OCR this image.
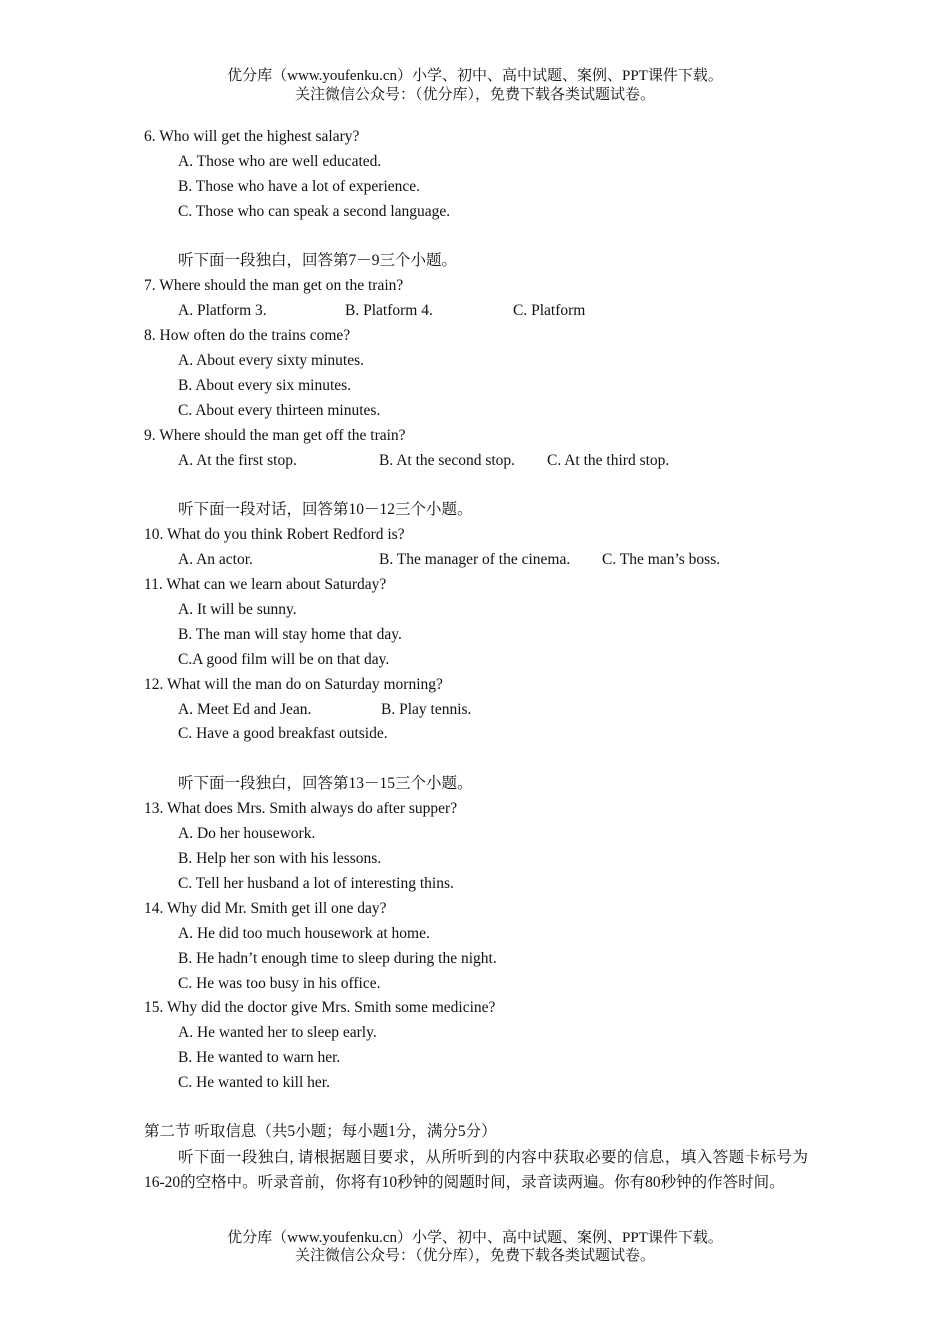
优分库（www.youfenku.cn）小学、初中、高中试题、案例、PPT课件下载。
关注微信公众号：（优分库），免费下载各类试题试卷。
6. Who will get the highest salary?
A. Those who are well educated.
B. Those who have a lot of experience.
C. Those who can speak a second language.
听下面一段独白，回答第7－9三个小题。
7. Where should the man get on the train?
A. Platform 3.	B. Platform 4.	C. Platform
8. How often do the trains come?
A. About every sixty minutes.
B. About every six minutes.
C. About every thirteen minutes.
9. Where should the man get off the train?
A. At the first stop.	B. At the second stop. C. At the third stop.
听下面一段对话，回答第10－12三个小题。
10. What do you think Robert Redford is?
A. An actor.	B. The manager of the cinema. C. The man’s boss.
11. What can we learn about Saturday?
A. It will be sunny.
B. The man will stay home that day.
C.A good film will be on that day.
12. What will the man do on Saturday morning?
A. Meet Ed and Jean.	B. Play tennis.
C. Have a good breakfast outside.
听下面一段独白，回答第13－15三个小题。
13. What does Mrs. Smith always do after supper?
A. Do her housework.
B. Help her son with his lessons.
C. Tell her husband a lot of interesting thins.
14. Why did Mr. Smith get ill one day?
A. He did too much housework at home.
B. He hadn’t enough time to sleep during the night.
C. He was too busy in his office.
15. Why did the doctor give Mrs. Smith some medicine?
A. He wanted her to sleep early.
B. He wanted to warn her.
C. He wanted to kill her.
第二节 听取信息（共5小题；每小题1分，满分5分）
听下面一段独白, 请根据题目要求，从所听到的内容中获取必要的信息，填入答题卡标号为16-20的空格中。听录音前，你将有10秒钟的阅题时间，录音读两遍。你有80秒钟的作答时间。
优分库（www.youfenku.cn）小学、初中、高中试题、案例、PPT课件下载。
关注微信公众号：（优分库），免费下载各类试题试卷。
